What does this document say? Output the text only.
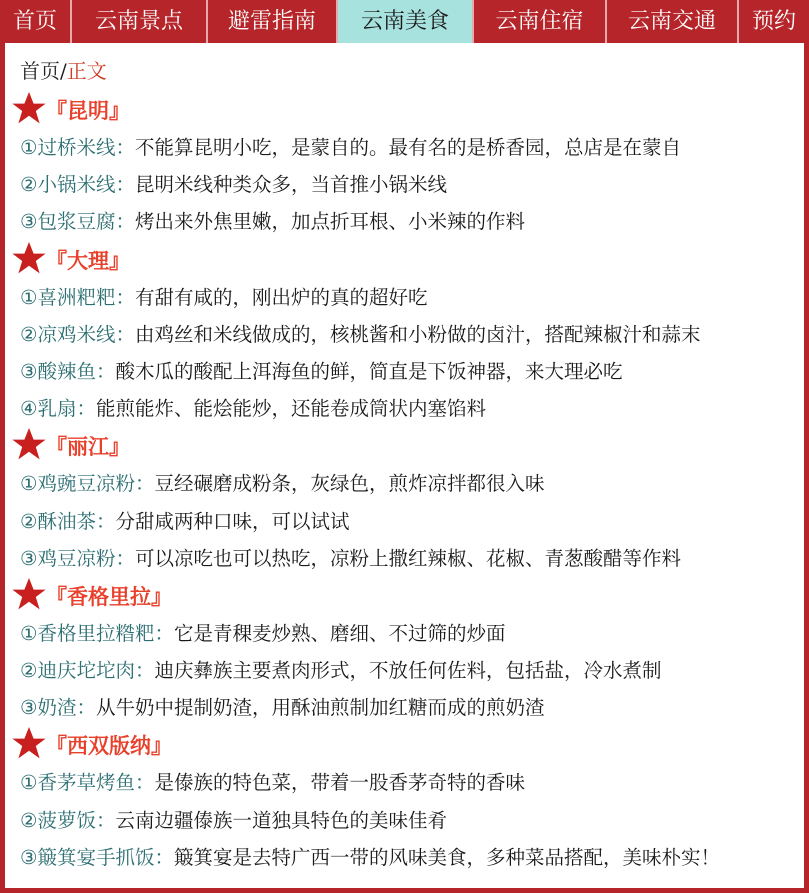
首页	云南景点	避雷指南	云南美食	云南住宿	云南交通	预约
首页/正文
『昆明』
①过桥米线：不能算昆明小吃，是蒙自的。最有名的是桥香园，总店是在蒙自
②小锅米线：昆明米线种类众多，当首推小锅米线
③包浆豆腐：烤出来外焦里嫩，加点折耳根、小米辣的作料
『大理』
①喜洲粑粑：有甜有咸的，刚出炉的真的超好吃
②凉鸡米线：由鸡丝和米线做成的，核桃酱和小粉做的卤汁，搭配辣椒汁和蒜末
③酸辣鱼：酸木瓜的酸配上洱海鱼的鲜，简直是下饭神器，来大理必吃
④乳扇：能煎能炸、能烩能炒，还能卷成筒状内塞馅料
『丽江』
①鸡豌豆凉粉：豆经碾磨成粉条，灰绿色，煎炸凉拌都很入味
②酥油茶：分甜咸两种口味，可以试试
③鸡豆凉粉：可以凉吃也可以热吃，凉粉上撒红辣椒、花椒、青葱酸醋等作料
『香格里拉』
①香格里拉糌粑：它是青稞麦炒熟、磨细、不过筛的炒面
②迪庆坨坨肉：迪庆彝族主要煮肉形式，不放任何佐料，包括盐，冷水煮制
③奶渣：从牛奶中提制奶渣，用酥油煎制加红糖而成的煎奶渣
『西双版纳』
①香茅草烤鱼：是傣族的特色菜，带着一股香茅奇特的香味
②菠萝饭：云南边疆傣族一道独具特色的美味佳肴
③簸箕宴手抓饭：簸箕宴是去特广西一带的风味美食，多种菜品搭配，美味朴实！
